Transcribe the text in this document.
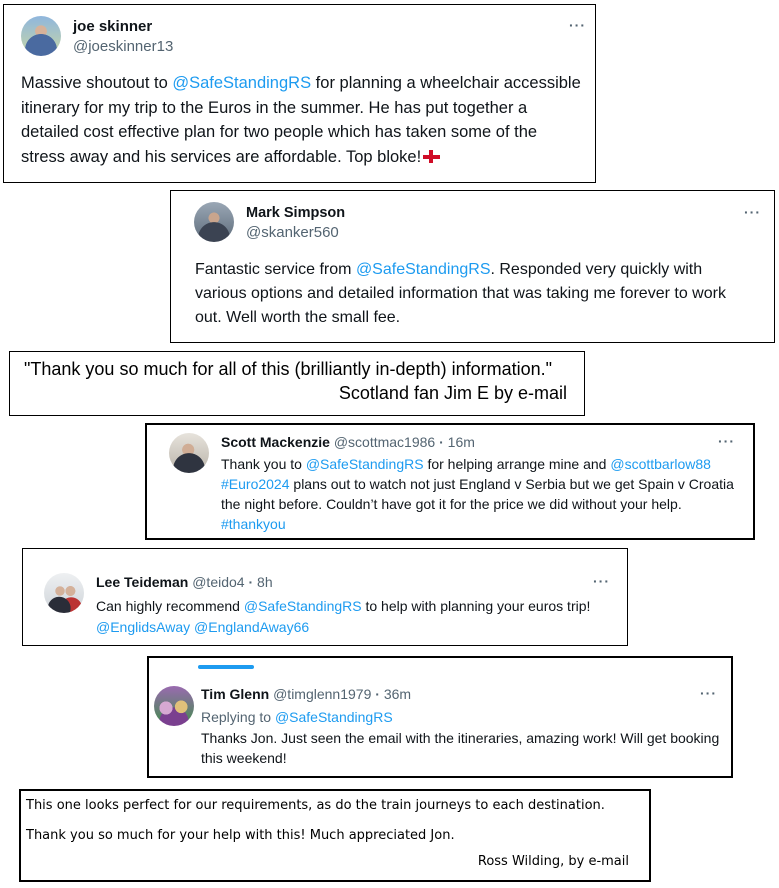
joe skinner
@joeskinner13
···
Massive shoutout to @SafeStandingRS for planning a wheelchair accessible itinerary for my trip to the Euros in the summer. He has put together a detailed cost effective plan for two people which has taken some of the stress away and his services are affordable. Top bloke!
Mark Simpson
@skanker560
···
Fantastic service from @SafeStandingRS. Responded very quickly with various options and detailed information that was taking me forever to work out. Well worth the small fee.
"Thank you so much for all of this (brilliantly in-depth) information."
Scotland fan Jim E by e-mail
Scott Mackenzie @scottmac1986 · 16m	···
Thank you to @SafeStandingRS for helping arrange mine and @scottbarlow88 #Euro2024 plans out to watch not just England v Serbia but we get Spain v Croatia the night before. Couldn’t have got it for the price we did without your help. #thankyou
Lee Teideman @teido4 · 8h	···
Can highly recommend @SafeStandingRS to help with planning your euros trip! @EnglidsAway @EnglandAway66
Tim Glenn @timglenn1979 · 36m	···
Replying to @SafeStandingRS
Thanks Jon. Just seen the email with the itineraries, amazing work! Will get booking this weekend!
This one looks perfect for our requirements, as do the train journeys to each destination.
Thank you so much for your help with this! Much appreciated Jon.
Ross Wilding, by e-mail
